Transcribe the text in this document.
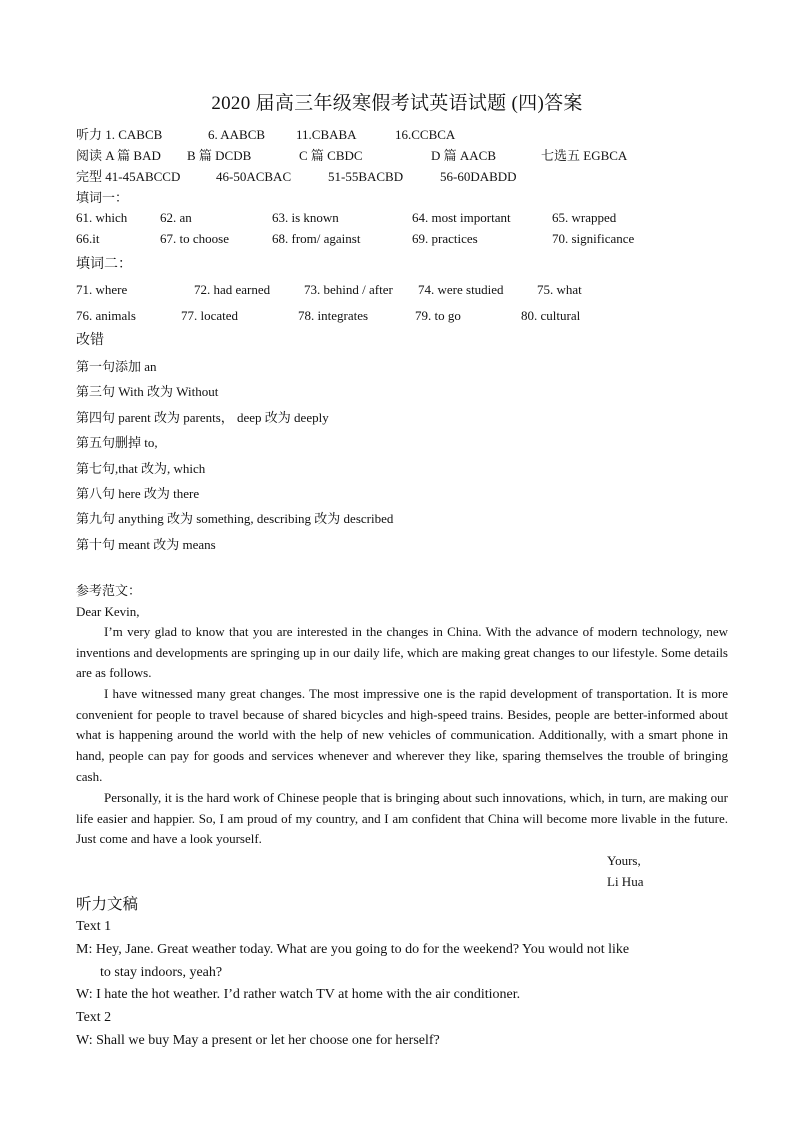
2020 届高三年级寒假考试英语试题 (四)答案
听力 1. CABCB	6. AABCB 11.CBABA	16.CCBCA
阅读 A 篇 BAD B 篇 DCDB	C 篇 CBDC	D 篇 AACB	七选五 EGBCA
完型 41-45ABCCD	46-50ACBAC	51-55BACBD	56-60DABDD
填词一：
61. which	62. an	63. is known	64. most important	65. wrapped
66.it	67. to choose	68. from/ against	69. practices	70. significance
填词二：
71. where	72. had earned	73. behind / after 74. were studied	75. what
76. animals	77. located	78. integrates	79. to go	80. cultural
改错
第一句添加 an
第三句 With 改为 Without
第四句 parent 改为 parents， deep 改为 deeply
第五句删掉 to,
第七句,that 改为, which
第八句 here 改为 there
第九句 anything 改为 something, describing 改为 described
第十句 meant 改为 means
参考范文：
Dear Kevin,

I’m very glad to know that you are interested in the changes in China. With the advance of modern technology, new inventions and developments are springing up in our daily life, which are making great changes to our lifestyle. Some details are as follows.

I have witnessed many great changes. The most impressive one is the rapid development of transportation. It is more convenient for people to travel because of shared bicycles and high-speed trains. Besides, people are better-informed about what is happening around the world with the help of new vehicles of communication. Additionally, with a smart phone in hand, people can pay for goods and services whenever and wherever they like, sparing themselves the trouble of bringing cash.

Personally, it is the hard work of Chinese people that is bringing about such innovations, which, in turn, are making our life easier and happier. So, I am proud of my country, and I am confident that China will become more livable in the future. Just come and have a look yourself.

Yours,
Li Hua
听力文稿
Text 1
M: Hey, Jane. Great weather today. What are you going to do for the weekend? You would not like
to stay indoors, yeah?
W: I hate the hot weather. I’d rather watch TV at home with the air conditioner.
Text 2
W: Shall we buy May a present or let her choose one for herself?
